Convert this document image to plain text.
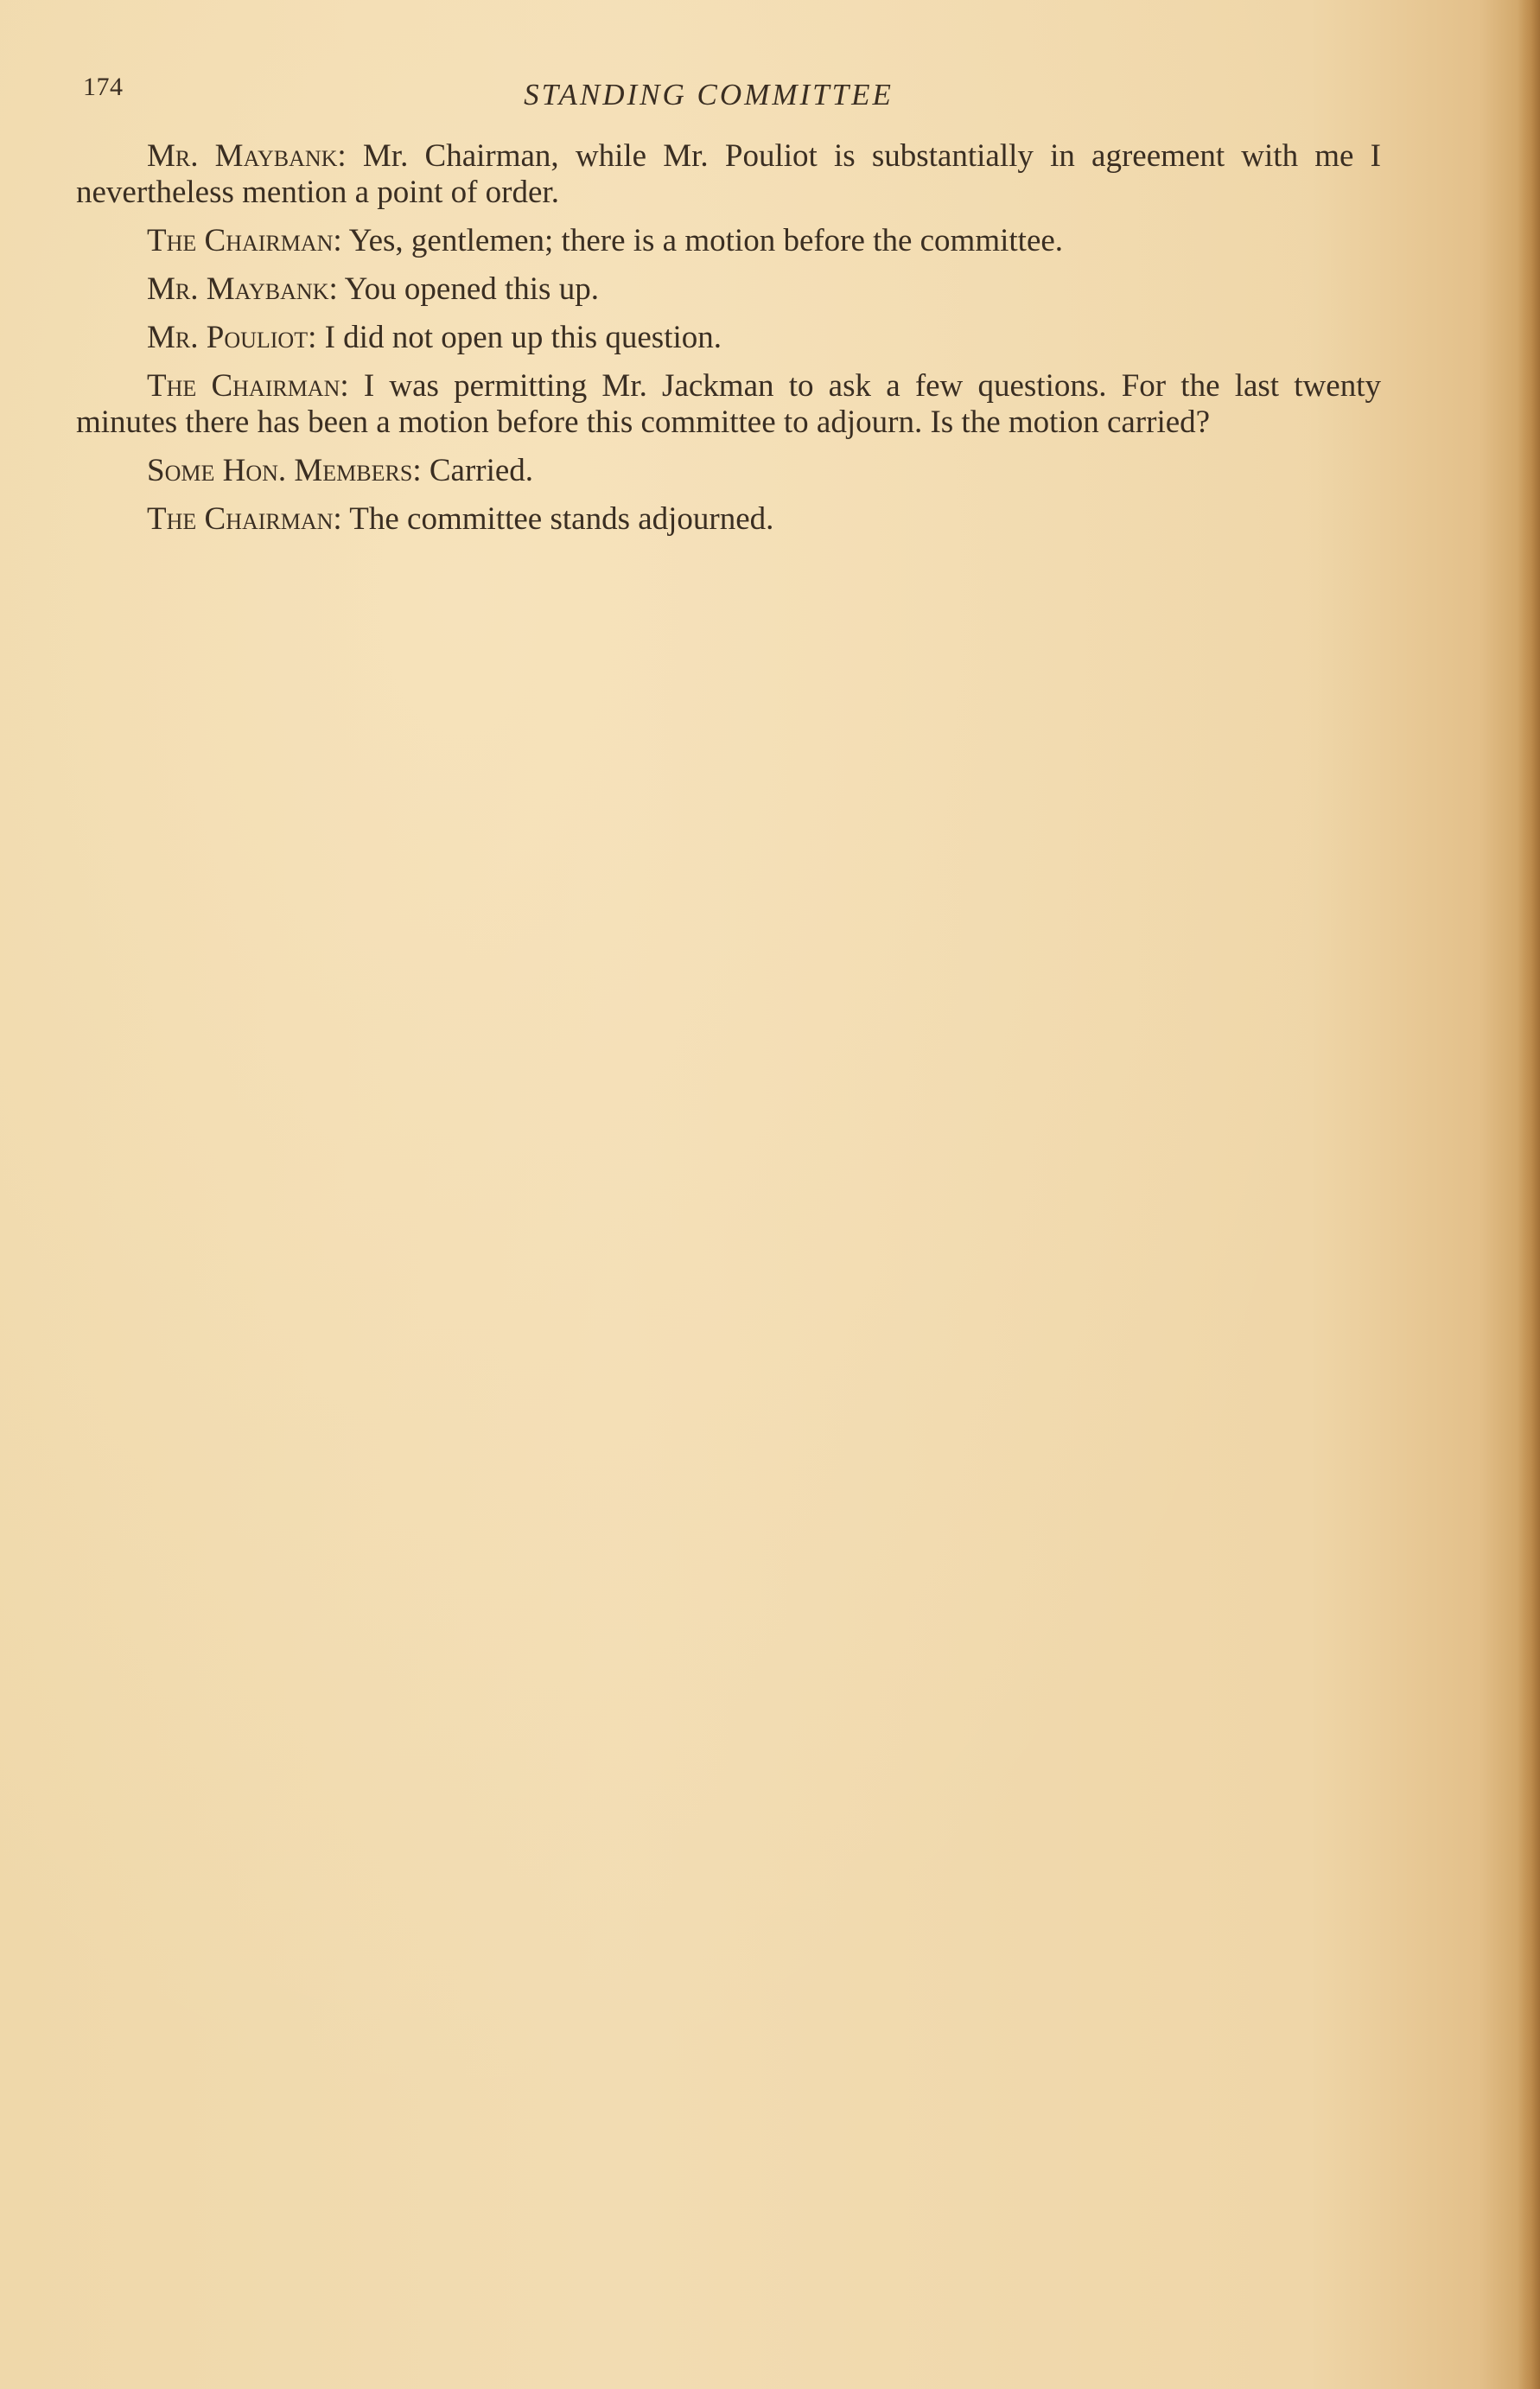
174	STANDING COMMITTEE

Mr. Maybank: Mr. Chairman, while Mr. Pouliot is substantially in agreement with me I nevertheless mention a point of order.

The Chairman: Yes, gentlemen; there is a motion before the committee.

Mr. Maybank: You opened this up.

Mr. Pouliot: I did not open up this question.

The Chairman: I was permitting Mr. Jackman to ask a few questions. For the last twenty minutes there has been a motion before this committee to adjourn. Is the motion carried?

Some Hon. Members: Carried.

The Chairman: The committee stands adjourned.
